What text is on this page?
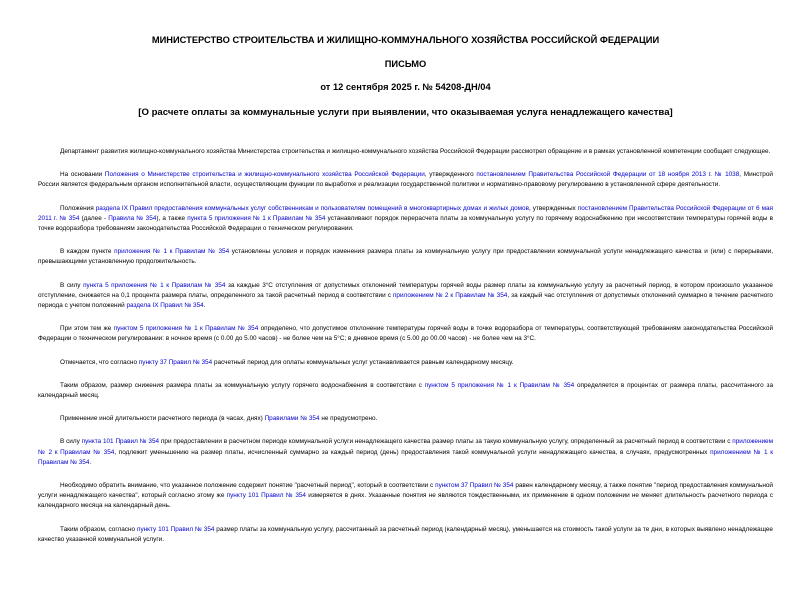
МИНИСТЕРСТВО СТРОИТЕЛЬСТВА И ЖИЛИЩНО-КОММУНАЛЬНОГО ХОЗЯЙСТВА РОССИЙСКОЙ ФЕДЕРАЦИИ
ПИСЬМО
от 12 сентября 2025 г. № 54208-ДН/04
[О расчете оплаты за коммунальные услуги при выявлении, что оказываемая услуга ненадлежащего качества]

Департамент развития жилищно-коммунального хозяйства Министерства строительства и жилищно-коммунального хозяйства Российской Федерации рассмотрел обращение и в рамках установленной компетенции сообщает следующее.

На основании Положения о Министерстве строительства и жилищно-коммунального хозяйства Российской Федерации, утвержденного постановлением Правительства Российской Федерации от 18 ноября 2013 г. № 1038, Минстрой России является федеральным органом исполнительной власти, осуществляющим функции по выработке и реализации государственной политики и нормативно-правовому регулированию в установленной сфере деятельности.

Положения раздела IX Правил предоставления коммунальных услуг собственникам и пользователям помещений в многоквартирных домах и жилых домов, утвержденных постановлением Правительства Российской Федерации от 6 мая 2011 г. № 354 (далее - Правила № 354), а также пункта 5 приложения № 1 к Правилам № 354 устанавливают порядок перерасчета платы за коммунальную услугу по горячему водоснабжению при несоответствии температуры горячей воды в точке водоразбора требованиям законодательства Российской Федерации о техническом регулировании.

В каждом пункте приложения № 1 к Правилам № 354 установлены условия и порядок изменения размера платы за коммунальную услугу при предоставлении коммунальной услуги ненадлежащего качества и (или) с перерывами, превышающими установленную продолжительность.

В силу пункта 5 приложения № 1 к Правилам № 354 за каждые 3°C отступления от допустимых отклонений температуры горячей воды размер платы за коммунальную услугу за расчетный период, в котором произошло указанное отступление, снижается на 0,1 процента размера платы, определенного за такой расчетный период в соответствии с приложением № 2 к Правилам № 354, за каждый час отступления от допустимых отклонений суммарно в течение расчетного периода с учетом положений раздела IX Правил № 354.

При этом тем же пунктом 5 приложения № 1 к Правилам № 354 определено, что допустимое отклонение температуры горячей воды в точке водоразбора от температуры, соответствующей требованиям законодательства Российской Федерации о техническом регулировании: в ночное время (с 0.00 до 5.00 часов) - не более чем на 5°С; в дневное время (с 5.00 до 00.00 часов) - не более чем на 3°С.

Отмечается, что согласно пункту 37 Правил № 354 расчетный период для оплаты коммунальных услуг устанавливается равным календарному месяцу.

Таким образом, размер снижения размера платы за коммунальную услугу горячего водоснабжения в соответствии с пунктом 5 приложения № 1 к Правилам № 354 определяется в процентах от размера платы, рассчитанного за календарный месяц.

Применение иной длительности расчетного периода (в часах, днях) Правилами № 354 не предусмотрено.

В силу пункта 101 Правил № 354 при предоставлении в расчетном периоде коммунальной услуги ненадлежащего качества размер платы за такую коммунальную услугу, определенный за расчетный период в соответствии с приложением № 2 к Правилам № 354, подлежит уменьшению на размер платы, исчисленный суммарно за каждый период (день) предоставления такой коммунальной услуги ненадлежащего качества, в случаях, предусмотренных приложением № 1 к Правилам № 354.

Необходимо обратить внимание, что указанное положение содержит понятие "расчетный период", который в соответствии с пунктом 37 Правил № 354 равен календарному месяцу, а также понятие "период предоставления коммунальной услуги ненадлежащего качества", который согласно этому же пункту 101 Правил № 354 измеряется в днях. Указанные понятия не являются тождественными, их применение в одном положении не меняет длительность расчетного периода с календарного месяца на календарный день.

Таким образом, согласно пункту 101 Правил № 354 размер платы за коммунальную услугу, рассчитанный за расчетный период (календарный месяц), уменьшается на стоимость такой услуги за те дни, в которых выявлено ненадлежащее качество указанной коммунальной услуги.
